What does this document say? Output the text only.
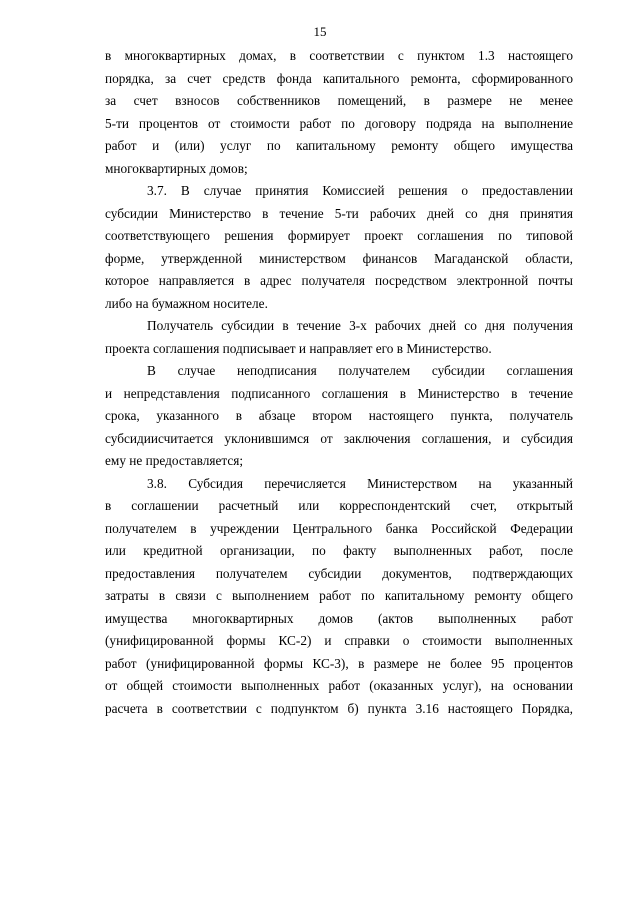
15
в многоквартирных домах, в соответствии с пунктом 1.3 настоящего
порядка, за счет средств фонда капитального ремонта, сформированного
за счет взносов собственников помещений, в размере не менее
5-ти процентов от стоимости работ по договору подряда на выполнение
работ и (или) услуг по капитальному ремонту общего имущества
многоквартирных домов;
3.7. В случае принятия Комиссией решения о предоставлении
субсидии Министерство в течение 5-ти рабочих дней со дня принятия
соответствующего решения формирует проект соглашения по типовой
форме, утвержденной министерством финансов Магаданской области,
которое направляется в адрес получателя посредством электронной почты
либо на бумажном носителе.
Получатель субсидии в течение 3-х рабочих дней со дня получения
проекта соглашения подписывает и направляет его в Министерство.
В случае неподписания получателем субсидии соглашения
и непредставления подписанного соглашения в Министерство в течение
срока, указанного в абзаце втором настоящего пункта, получатель
субсидиисчитается уклонившимся от заключения соглашения, и субсидия
ему не предоставляется;
3.8. Субсидия перечисляется Министерством на указанный
в соглашении расчетный или корреспондентский счет, открытый
получателем в учреждении Центрального банка Российской Федерации
или кредитной организации, по факту выполненных работ, после
предоставления получателем субсидии документов, подтверждающих
затраты в связи с выполнением работ по капитальному ремонту общего
имущества многоквартирных домов (актов выполненных работ
(унифицированной формы КС-2) и справки о стоимости выполненных
работ (унифицированной формы КС-3), в размере не более 95 процентов
от общей стоимости выполненных работ (оказанных услуг), на основании
расчета в соответствии с подпунктом б) пункта 3.16 настоящего Порядка,
